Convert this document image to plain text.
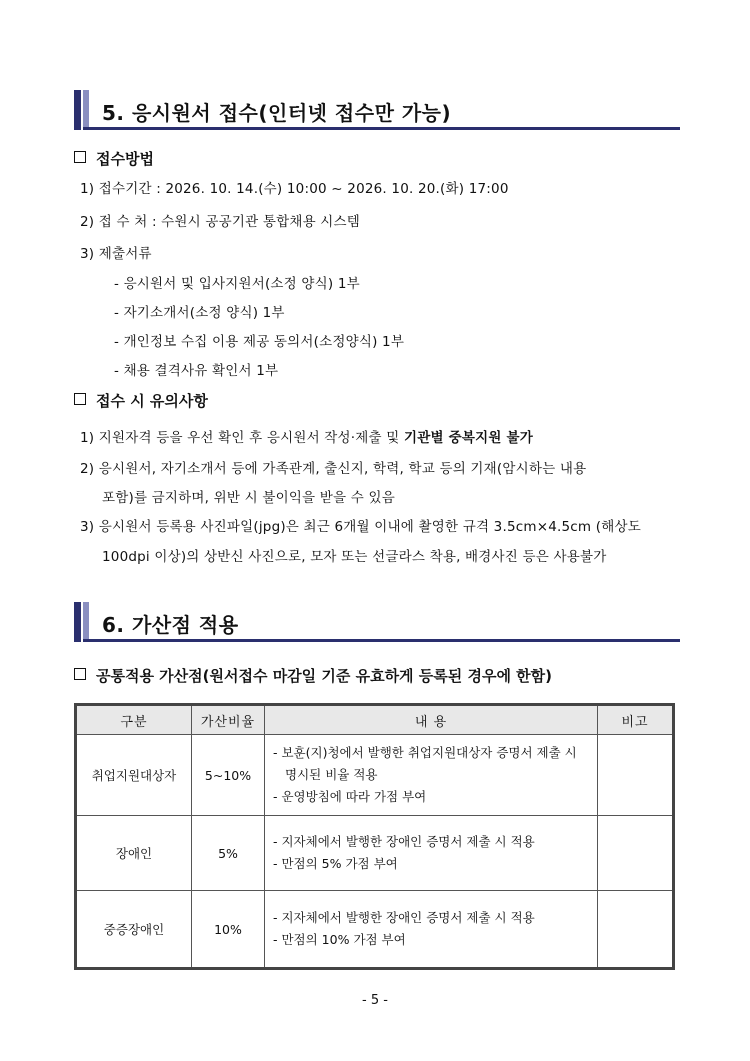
5. 응시원서 접수(인터넷 접수만 가능)
접수방법
1) 접수기간 : 2026. 10. 14.(수) 10:00 ~ 2026. 10. 20.(화) 17:00
2) 접 수 처 : 수원시 공공기관 통합채용 시스템
3) 제출서류
- 응시원서 및 입사지원서(소정 양식) 1부
- 자기소개서(소정 양식) 1부
- 개인정보 수집 이용 제공 동의서(소정양식) 1부
- 채용 결격사유 확인서 1부
접수 시 유의사항
1) 지원자격 등을 우선 확인 후 응시원서 작성·제출 및 기관별 중복지원 불가
2) 응시원서, 자기소개서 등에 가족관계, 출신지, 학력, 학교 등의 기재(암시하는 내용
포함)를 금지하며, 위반 시 불이익을 받을 수 있음
3) 응시원서 등록용 사진파일(jpg)은 최근 6개월 이내에 촬영한 규격 3.5cm×4.5cm (해상도
100dpi 이상)의 상반신 사진으로, 모자 또는 선글라스 착용, 배경사진 등은 사용불가
6. 가산점 적용
공통적용 가산점(원서접수 마감일 기준 유효하게 등록된 경우에 한함)
구분	가산비율	내 용	비고
취업지원대상자	5~10%	- 보훈(지)청에서 발행한 취업지원대상자 증명서 제출 시
명시된 비율 적용
- 운영방침에 따라 가점 부여	

장애인	5%	- 지자체에서 발행한 장애인 증명서 제출 시 적용
- 만점의 5% 가점 부여	

중증장애인	10%	- 지자체에서 발행한 장애인 증명서 제출 시 적용
- 만점의 10% 가점 부여	

- 5 -
